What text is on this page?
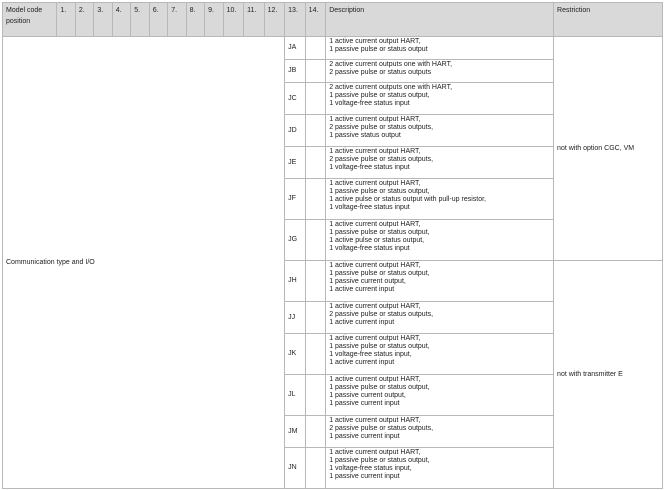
Model code position	1.	2.	3.	4.	5.	6.	7.	8.	9.	10.	11.	12.	13.	14.	Description	Restriction
Communication type and I/O													JA		1 active current output HART,
1 passive pulse or status output	not with option CGC, VM
													JB		2 active current outputs one with HART,
2 passive pulse or status outputs	

													JC		2 active current outputs one with HART,
1 passive pulse or status output,
1 voltage-free status input	

													JD		1 active current output HART,
2 passive pulse or status outputs,
1 passive status output	

													JE		1 active current output HART,
2 passive pulse or status outputs,
1 voltage-free status input	

													JF		1 active current output HART,
1 passive pulse or status output,
1 active pulse or status output with pull-up resistor,
1 voltage-free status input	

													JG		1 active current output HART,
1 passive pulse or status output,
1 active pulse or status output,
1 voltage-free status input	

													JH		1 active current output HART,
1 passive pulse or status output,
1 passive current output,
1 active current input	not with transmitter E
													JJ		1 active current output HART,
2 passive pulse or status outputs,
1 active current input	

													JK		1 active current output HART,
1 passive pulse or status output,
1 voltage-free status input,
1 active current input	

													JL		1 active current output HART,
1 passive pulse or status output,
1 passive current output,
1 passive current input	

													JM		1 active current output HART,
2 passive pulse or status outputs,
1 passive current input	

													JN		1 active current output HART,
1 passive pulse or status output,
1 voltage-free status input,
1 passive current input	
